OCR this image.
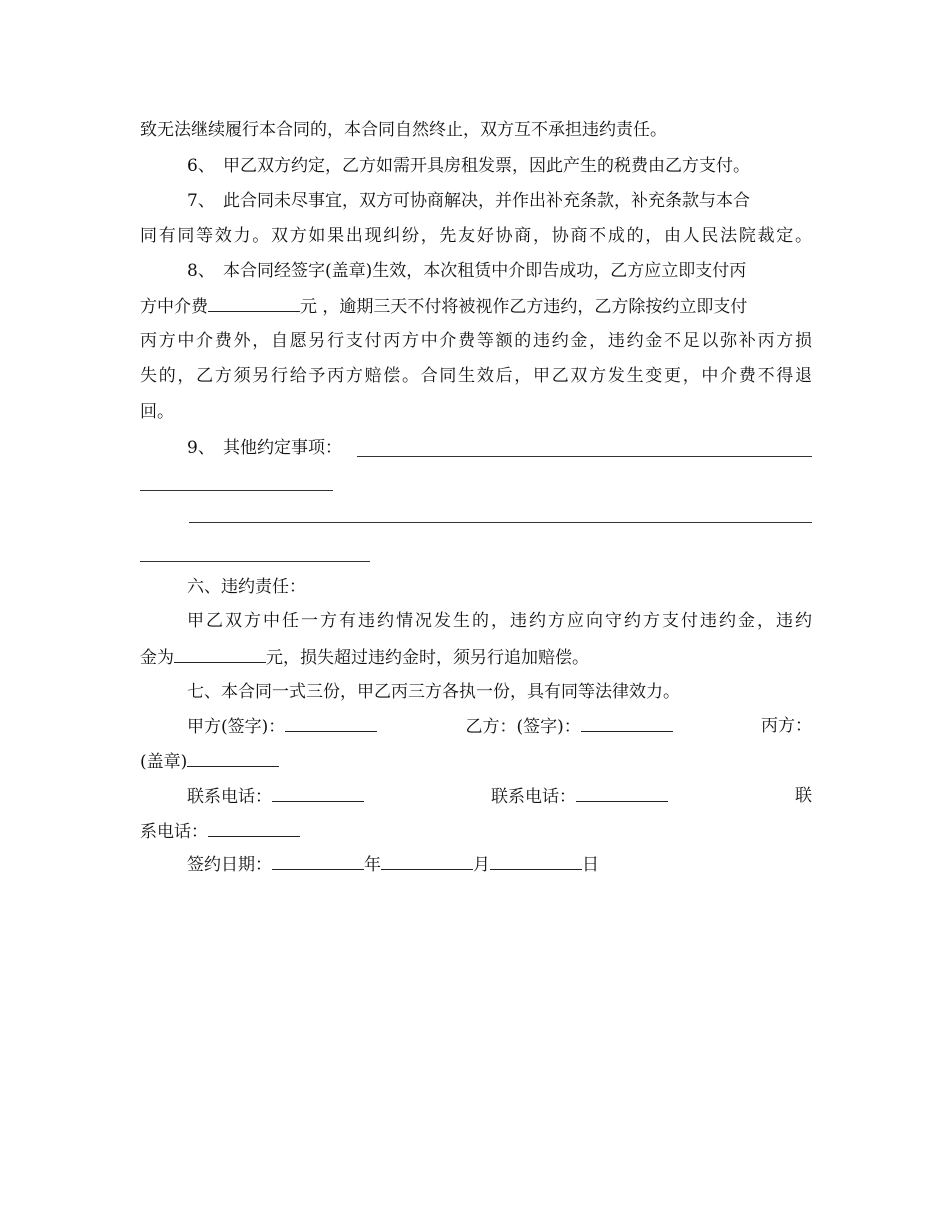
致无法继续履行本合同的，本合同自然终止，双方互不承担违约责任。
6、 甲乙双方约定，乙方如需开具房租发票，因此产生的税费由乙方支付。
7、 此合同未尽事宜，双方可协商解决，并作出补充条款，补充条款与本合
同有同等效力。双方如果出现纠纷，先友好协商，协商不成的，由人民法院裁定。
8、 本合同经签字(盖章)生效，本次租赁中介即告成功，乙方应立即支付丙
方中介费	元 ，逾期三天不付将被视作乙方违约，乙方除按约立即支付
丙方中介费外，自愿另行支付丙方中介费等额的违约金，违约金不足以弥补丙方损
失的，乙方须另行给予丙方赔偿。合同生效后，甲乙双方发生变更，中介费不得退
回。
9、 其他约定事项：
六、违约责任：
甲乙双方中任一方有违约情况发生的，违约方应向守约方支付违约金，违约
金为	元，损失超过违约金时，须另行追加赔偿。
七、本合同一式三份，甲乙丙三方各执一份，具有同等法律效力。
甲方(签字)：	乙方：(签字)：	丙方：
(盖章)
联系电话：	联系电话：	联
系电话：
签约日期：	年	月	日
